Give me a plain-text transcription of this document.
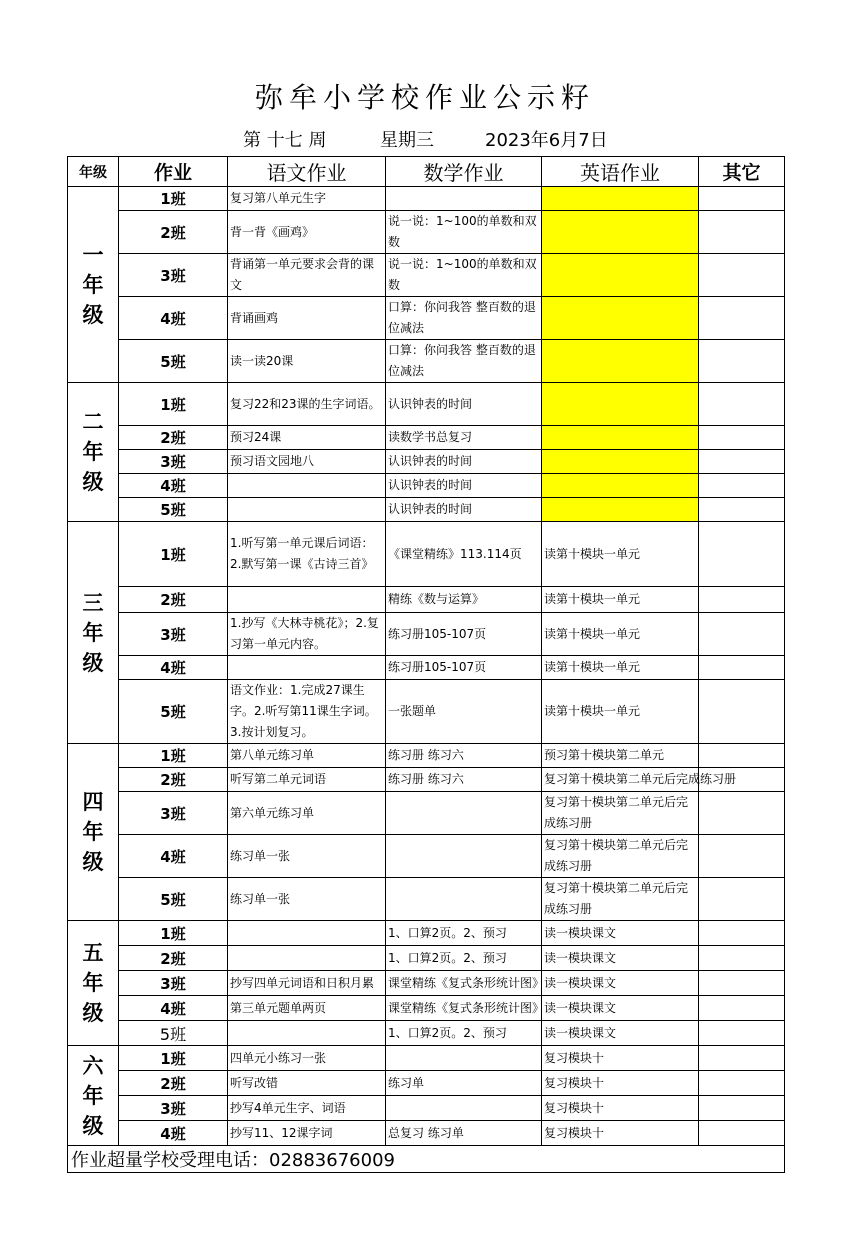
弥牟小学校作业公示籽
第 十七 周	星期三	2023年6月7日
年级	作业	语文作业	数学作业	英语作业	其它

一
年
级	1班	复习第八单元生字			
	2班	背一背《画鸡》	说一说：1~100的单数和双数		
	3班	背诵第一单元要求会背的课文	说一说：1~100的单数和双数		
	4班	背诵画鸡	口算：你问我答 整百数的退位减法		
	5班	读一读20课	口算：你问我答 整百数的退位减法		

二
年
级	1班	复习22和23课的生字词语。	认识钟表的时间		
	2班	预习24课	读数学书总复习		
	3班	预习语文园地八	认识钟表的时间		
	4班		认识钟表的时间		
	5班		认识钟表的时间		

三
年
级	1班	1.听写第一单元课后词语：2.默写第一课《古诗三首》	《课堂精练》113.114页	读第十模块一单元	
	2班		精练《数与运算》	读第十模块一单元	
	3班	1.抄写《大林寺桃花》；2.复习第一单元内容。	练习册105-107页	读第十模块一单元	
	4班		练习册105-107页	读第十模块一单元	
	5班	语文作业：1.完成27课生字。2.听写第11课生字词。3.按计划复习。	一张题单	读第十模块一单元	

四
年
级	1班	第八单元练习单	练习册 练习六	预习第十模块第二单元	
	2班	听写第二单元词语	练习册 练习六	复习第十模块第二单元后完成练习册	
	3班	第六单元练习单		复习第十模块第二单元后完成练习册	
	4班	练习单一张		复习第十模块第二单元后完成练习册	
	5班	练习单一张		复习第十模块第二单元后完成练习册	

五
年
级	1班		1、口算2页。2、预习	读一模块课文	
	2班		1、口算2页。2、预习	读一模块课文	
	3班	抄写四单元词语和日积月累	课堂精练《复式条形统计图》	读一模块课文	
	4班	第三单元题单两页	课堂精练《复式条形统计图》	读一模块课文	
	5班		1、口算2页。2、预习	读一模块课文	

六
年
级	1班	四单元小练习一张		复习模块十	
	2班	听写改错	练习单	复习模块十	
	3班	抄写4单元生字、词语		复习模块十	
	4班	抄写11、12课字词	总复习 练习单	复习模块十	
作业超量学校受理电话：02883676009					
